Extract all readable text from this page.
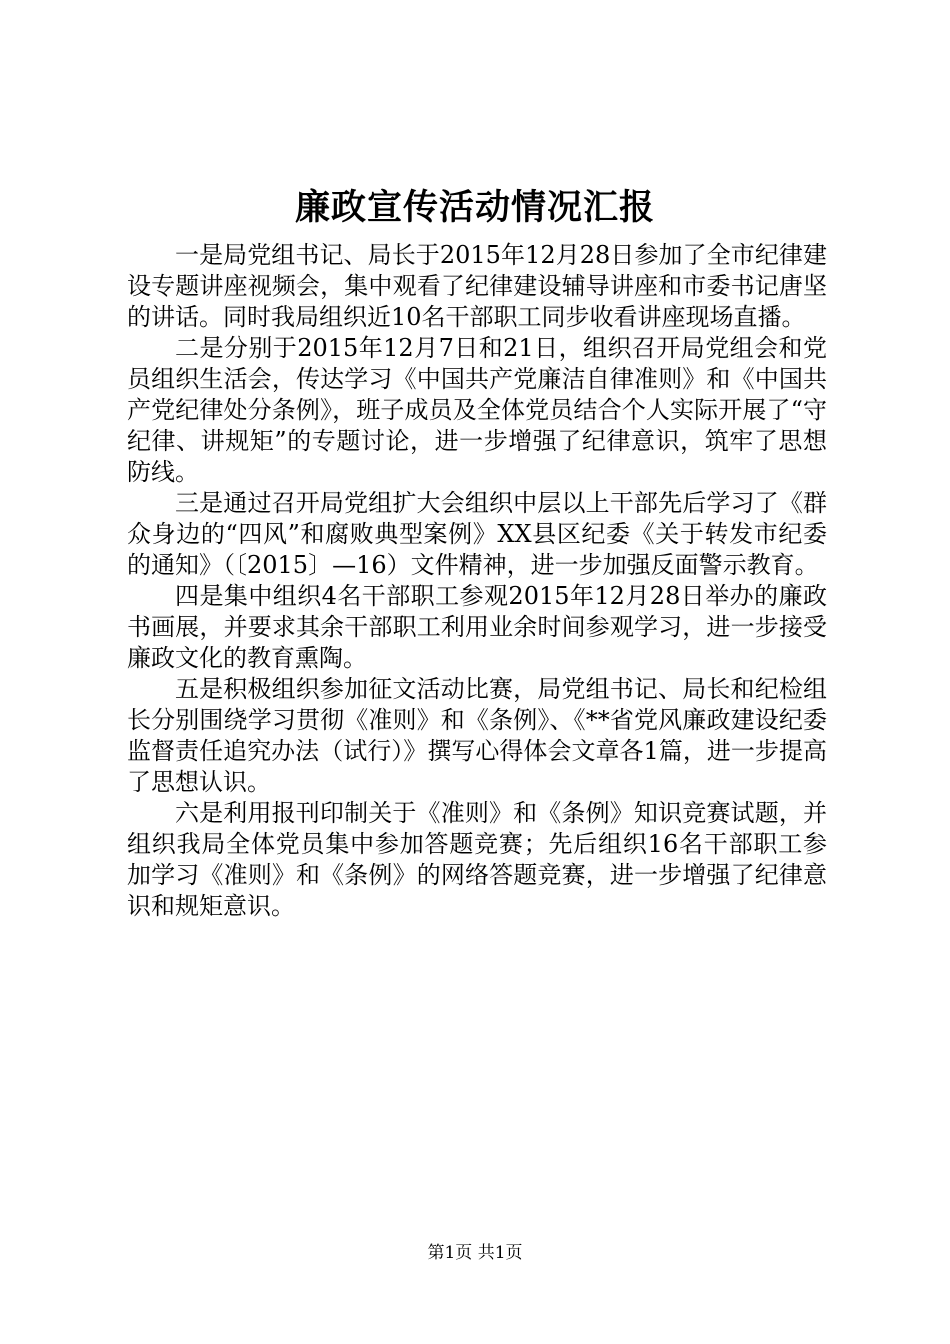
廉政宣传活动情况汇报

一是局党组书记、局长于2015年12月28日参加了全市纪律建设专题讲座视频会，集中观看了纪律建设辅导讲座和市委书记唐坚的讲话。同时我局组织近10名干部职工同步收看讲座现场直播。

二是分别于2015年12月7日和21日，组织召开局党组会和党员组织生活会，传达学习《中国共产党廉洁自律准则》和《中国共产党纪律处分条例》，班子成员及全体党员结合个人实际开展了“守纪律、讲规矩”的专题讨论，进一步增强了纪律意识，筑牢了思想防线。

三是通过召开局党组扩大会组织中层以上干部先后学习了《群众身边的“四风”和腐败典型案例》XX县区纪委《关于转发市纪委的通知》（〔2015〕—16）文件精神，进一步加强反面警示教育。

四是集中组织4名干部职工参观2015年12月28日举办的廉政书画展，并要求其余干部职工利用业余时间参观学习，进一步接受廉政文化的教育熏陶。

五是积极组织参加征文活动比赛，局党组书记、局长和纪检组长分别围绕学习贯彻《准则》和《条例》、《**省党风廉政建设纪委监督责任追究办法（试行）》撰写心得体会文章各1篇，进一步提高了思想认识。

六是利用报刊印制关于《准则》和《条例》知识竞赛试题，并组织我局全体党员集中参加答题竞赛；先后组织16名干部职工参加学习《准则》和《条例》的网络答题竞赛，进一步增强了纪律意识和规矩意识。

第1页 共1页
